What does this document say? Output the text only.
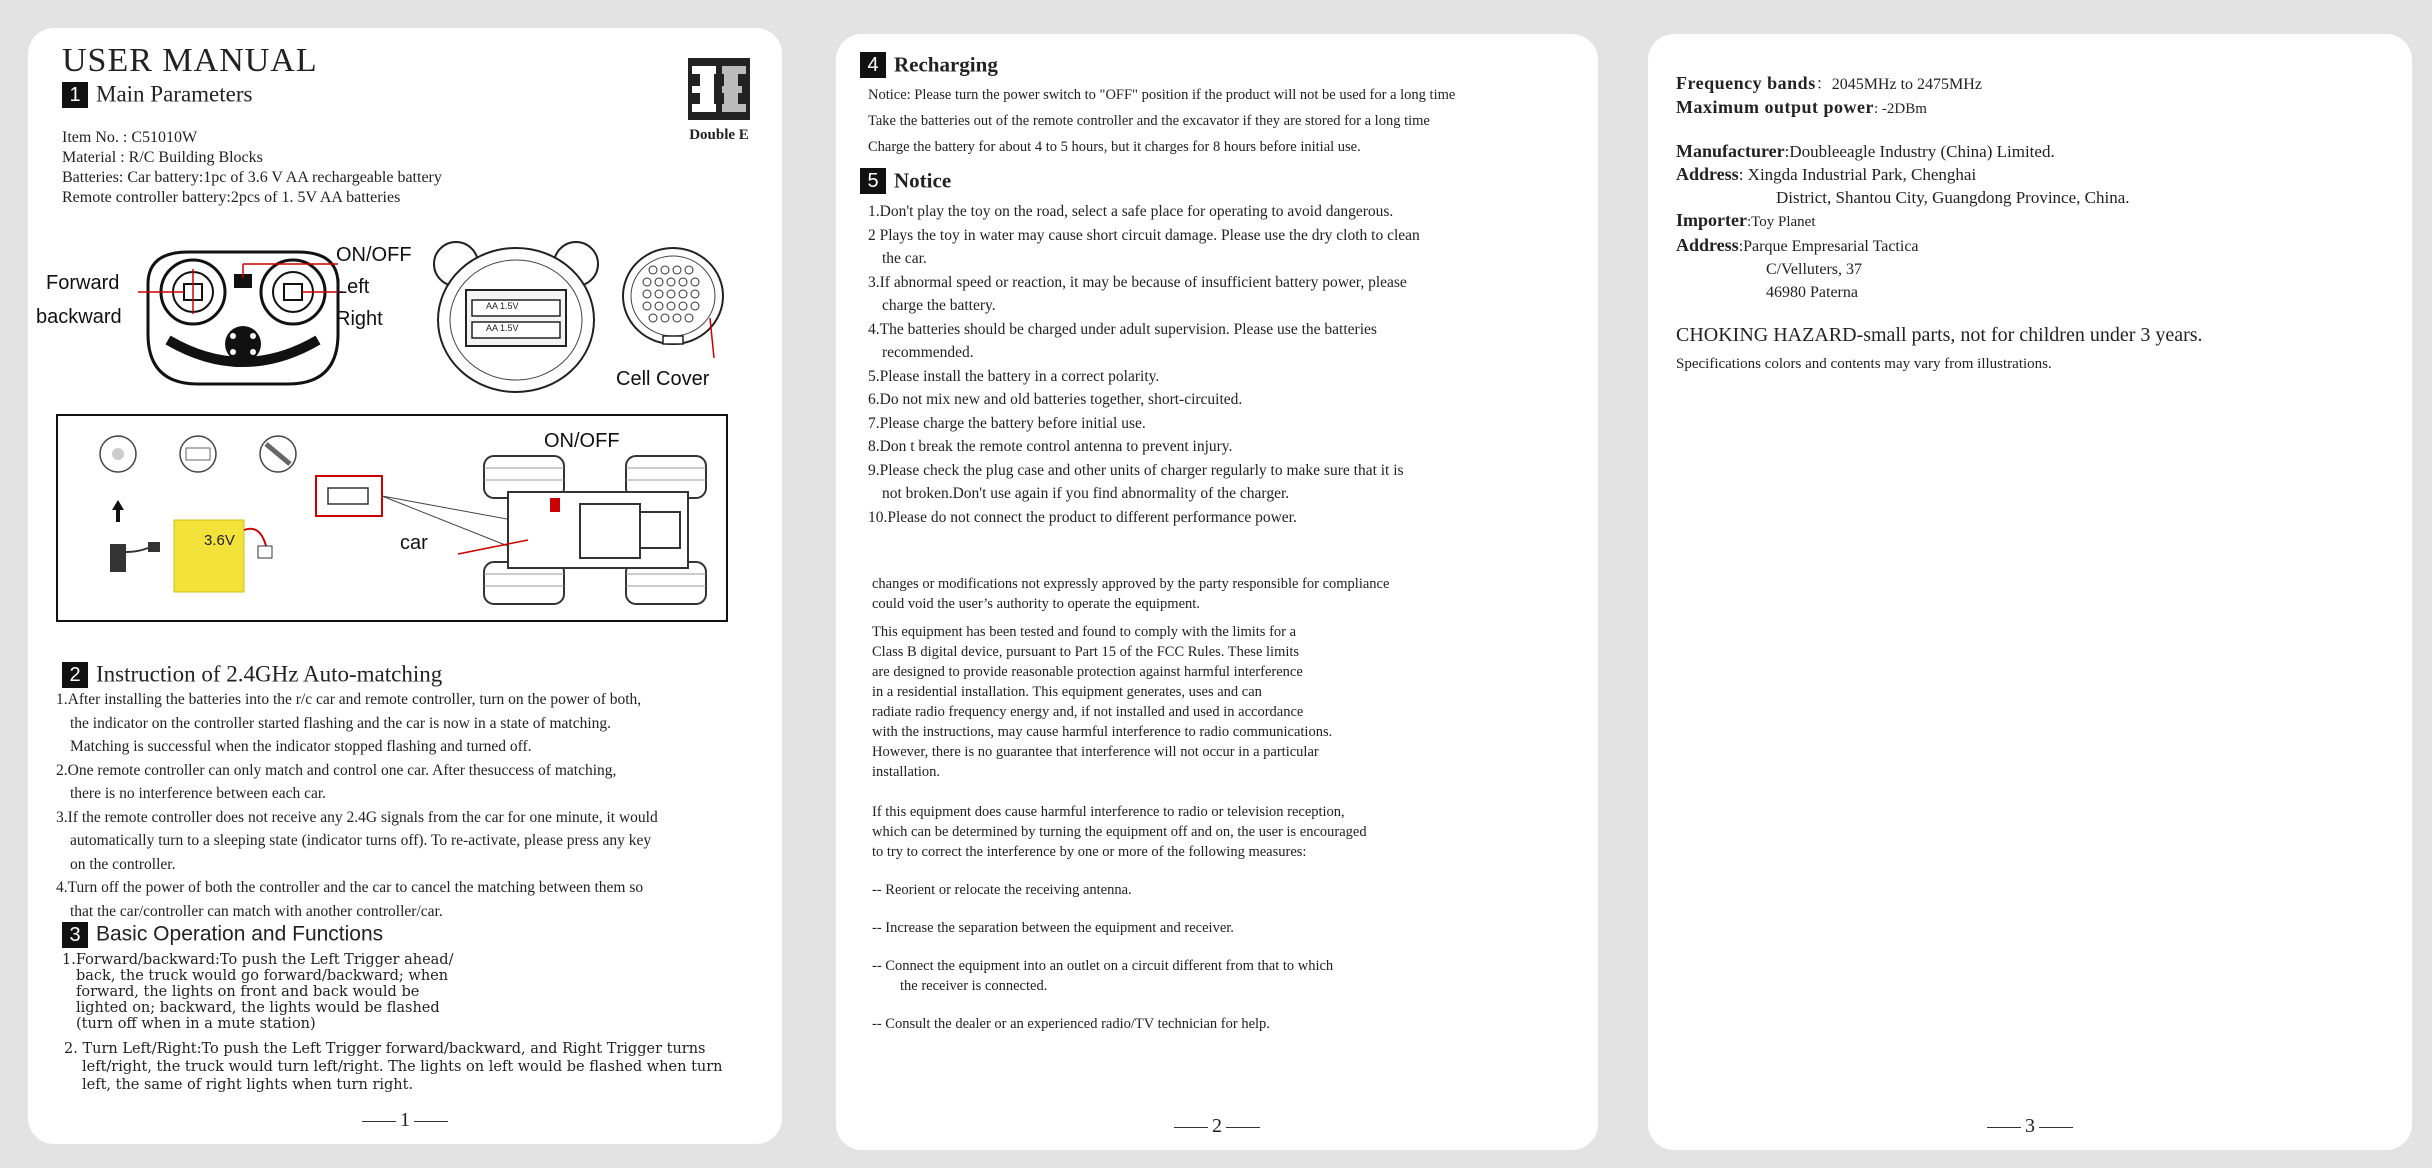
USER MANUAL
Double E
1 Main Parameters
Item No. : C51010W
Material : R/C Building Blocks
Batteries: Car battery:1pc of 3.6 V AA rechargeable battery
Remote controller battery:2pcs of 1. 5V AA batteries
Forward
backward
ON/OFF
Left
Right
AA 1.5V
AA 1.5V
Cell Cover
3.6V
ON/OFF
car
2 Instruction of 2.4GHz Auto-matching

1.After installing the batteries into the r/c car and remote controller, turn on the power of both,

the indicator on the controller started flashing and the car is now in a state of matching.

Matching is successful when the indicator stopped flashing and turned off.

2.One remote controller can only match and control one car. After thesuccess of matching,

there is no interference between each car.

3.If the remote controller does not receive any 2.4G signals from the car for one minute, it would

automatically turn to a sleeping state (indicator turns off). To re-activate, please press any key

on the controller.

4.Turn off the power of both the controller and the car to cancel the matching between them so

that the car/controller can match with another controller/car.

3 Basic Operation and Functions
1.Forward/backward:To push the Left Trigger ahead/
back, the truck would go forward/backward; when
forward, the lights on front and back would be
lighted on; backward, the lights would be flashed
(turn off when in a mute station)
2. Turn Left/Right:To push the Left Trigger forward/backward, and Right Trigger turns
left/right, the truck would turn left/right. The lights on left would be flashed when turn
left, the same of right lights when turn right.
1
4 Recharging
Notice: Please turn the power switch to "OFF" position if the product will not be used for a long time
Take the batteries out of the remote controller and the excavator if they are stored for a long time
Charge the battery for about 4 to 5 hours, but it charges for 8 hours before initial use.
5 Notice

1.Don't play the toy on the road, select a safe place for operating to avoid dangerous.

2 Plays the toy in water may cause short circuit damage. Please use the dry cloth to clean

the car.

3.If abnormal speed or reaction, it may be because of insufficient battery power, please

charge the battery.

4.The batteries should be charged under adult supervision. Please use the batteries

recommended.

5.Please install the battery in a correct polarity.

6.Do not mix new and old batteries together, short-circuited.

7.Please charge the battery before initial use.

8.Don t break the remote control antenna to prevent injury.

9.Please check the plug case and other units of charger regularly to make sure that it is

not broken.Don't use again if you find abnormality of the charger.

10.Please do not connect the product to different performance power.

changes or modifications not expressly approved by the party responsible for compliance
could void the user’s authority to operate the equipment.
This equipment has been tested and found to comply with the limits for a
Class B digital device, pursuant to Part 15 of the FCC Rules. These limits
are designed to provide reasonable protection against harmful interference
in a residential installation. This equipment generates, uses and can
radiate radio frequency energy and, if not installed and used in accordance
with the instructions, may cause harmful interference to radio communications.
However, there is no guarantee that interference will not occur in a particular
installation.
If this equipment does cause harmful interference to radio or television reception,
which can be determined by turning the equipment off and on, the user is encouraged
to try to correct the interference by one or more of the following measures:
-- Reorient or relocate the receiving antenna.
-- Increase the separation between the equipment and receiver.
-- Connect the equipment into an outlet on a circuit different from that to which
the receiver is connected.
-- Consult the dealer or an experienced radio/TV technician for help.
2
Frequency bands：2045MHz to 2475MHz
Maximum output power: -2DBm
Manufacturer:Doubleeagle Industry (China) Limited.
Address: Xingda Industrial Park, Chenghai
District, Shantou City, Guangdong Province, China.
Importer:Toy Planet
Address:Parque Empresarial Tactica
C/Velluters, 37
46980 Paterna
CHOKING HAZARD-small parts, not for children under 3 years.
Specifications colors and contents may vary from illustrations.
3
